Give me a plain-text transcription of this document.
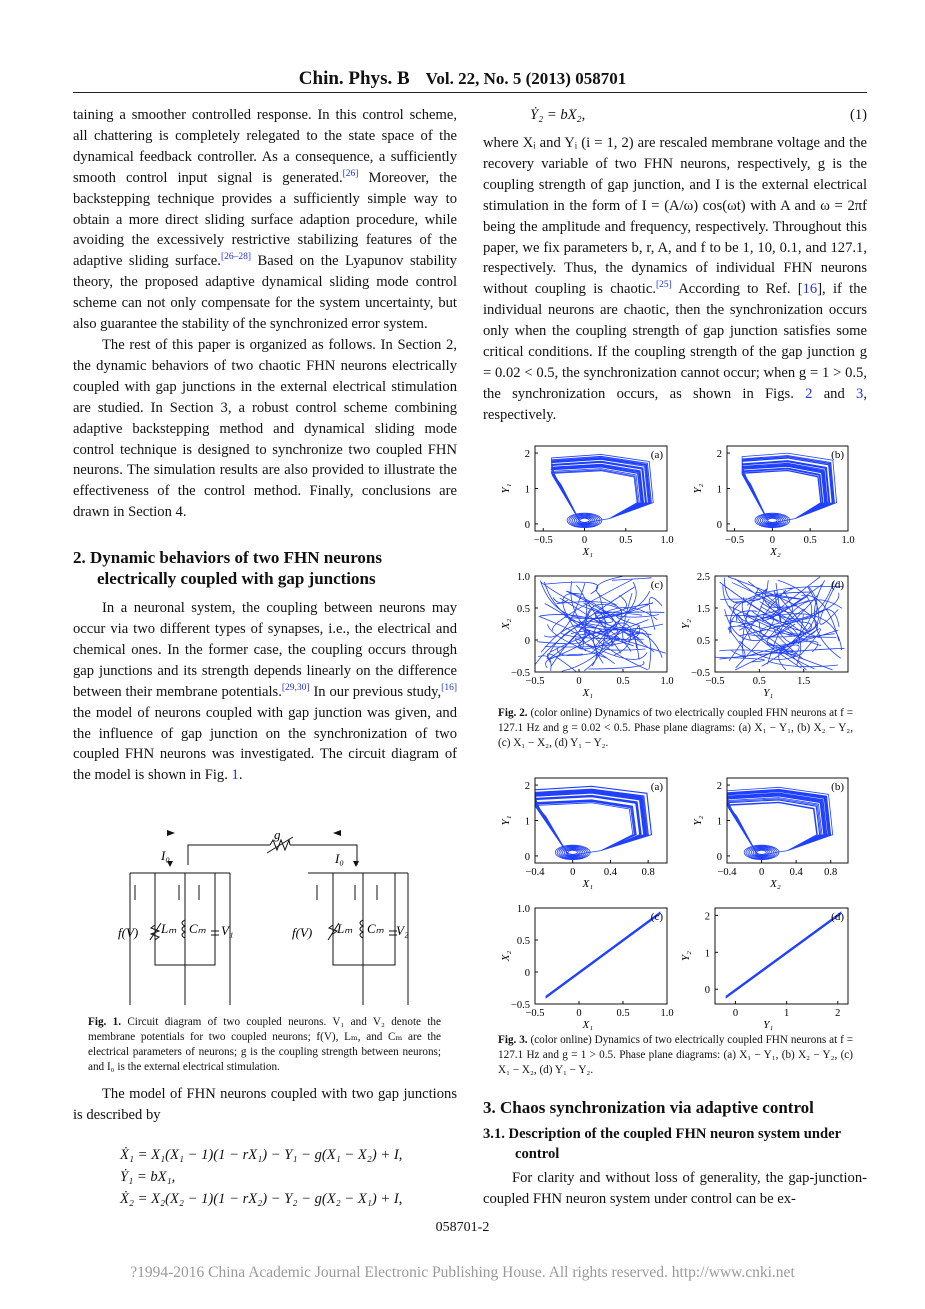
Chin. Phys. B Vol. 22, No. 5 (2013) 058701

taining a smoother controlled response. In this control scheme, all chattering is completely relegated to the state space of the dynamical feedback controller. As a consequence, a sufficiently smooth control input signal is generated.[26] Moreover, the backstepping technique provides a sufficiently simple way to obtain a more direct sliding surface adaption procedure, while avoiding the excessively restrictive stabilizing features of the adaptive sliding surface.[26–28] Based on the Lyapunov stability theory, the proposed adaptive dynamical sliding mode control scheme can not only compensate for the system uncertainty, but also guarantee the stability of the synchronized error system.

The rest of this paper is organized as follows. In Section 2, the dynamic behaviors of two chaotic FHN neurons electrically coupled with gap junctions in the external electrical stimulation are studied. In Section 3, a robust control scheme combining adaptive backstepping method and dynamical sliding mode control technique is designed to synchronize two coupled FHN neurons. The simulation results are also provided to illustrate the effectiveness of the control method. Finally, conclusions are drawn in Section 4.

2. Dynamic behaviors of two FHN neurons electrically coupled with gap junctions

In a neuronal system, the coupling between neurons may occur via two different types of synapses, i.e., the electrical and chemical ones. In the former case, the coupling occurs through gap junctions and its strength depends linearly on the difference between their membrane potentials.[29,30] In our previous study,[16] the model of neurons coupled with gap junction was given, and the influence of gap junction on the synchronization of two coupled FHN neurons was investigated. The circuit diagram of the model is shown in Fig. 1.

g
I₀	I₀
f(V) Lₘ Cₘ V₁	f(V) Lₘ Cₘ V₂
Fig. 1. Circuit diagram of two coupled neurons. V₁ and V₂ denote the membrane potentials for two coupled neurons; f(V), Lₘ, and Cₘ are the electrical parameters of neurons; g is the coupling strength between neurons; and I₀ is the external electrical stimulation.

The model of FHN neurons coupled with two gap junctions is described by

Ẋ₁ = X₁(X₁ − 1)(1 − rX₁) − Y₁ − g(X₁ − X₂) + I,
Ẏ₁ = bX₁,
Ẋ₂ = X₂(X₂ − 1)(1 − rX₂) − Y₂ − g(X₂ − X₁) + I,
Ẏ₂ = bX₂,	(1)

where Xᵢ and Yᵢ (i = 1, 2) are rescaled membrane voltage and the recovery variable of two FHN neurons, respectively, g is the coupling strength of gap junction, and I is the external electrical stimulation in the form of I = (A/ω) cos(ωt) with A and ω = 2πf being the amplitude and frequency, respectively. Throughout this paper, we fix parameters b, r, A, and f to be 1, 10, 0.1, and 127.1, respectively. Thus, the dynamics of individual FHN neurons without coupling is chaotic.[25] According to Ref. [16], if the individual neurons are chaotic, then the synchronization occurs only when the coupling strength of gap junction satisfies some critical conditions. If the coupling strength of the gap junction g = 0.02 < 0.5, the synchronization cannot occur; when g = 1 > 0.5, the synchronization occurs, as shown in Figs. 2 and 3, respectively.

(a)
−0.5	0	0.5	1.0
2
1
0
X₁
Y₁
(b)
−0.5 0	0.5 1.0
2
1
0
X₂
Y₂
(c)
−0.5	0	0.5	1.0
1.0
0.5
0
−0.5
X₁
X₂
(d)
−0.5	0.5	1.5
2.5
1.5
0.5
−0.5
Y₁
Y₂
Fig. 2. (color online) Dynamics of two electrically coupled FHN neurons at f = 127.1 Hz and g = 0.02 < 0.5. Phase plane diagrams: (a) X₁ − Y₁, (b) X₂ − Y₂, (c) X₁ − X₂, (d) Y₁ − Y₂.
(a)
−0.4 0	0.4 0.8
2
1
0
X₁
Y₁
(b)
−0.4 0 0.4 0.8
2
1
0
X₂
Y₂
(c)
−0.5	0	0.5	1.0
1.0
0.5
0
−0.5
X₁
X₂
(d)
0	1	2
2
1
0
Y₁
Y₂
Fig. 3. (color online) Dynamics of two electrically coupled FHN neurons at f = 127.1 Hz and g = 1 > 0.5. Phase plane diagrams: (a) X₁ − Y₁, (b) X₂ − Y₂, (c) X₁ − X₂, (d) Y₁ − Y₂.
3. Chaos synchronization via adaptive control
3.1. Description of the coupled FHN neuron system under control

For clarity and without loss of generality, the gap-junction-coupled FHN neuron system under control can be ex-

058701-2
?1994-2016 China Academic Journal Electronic Publishing House. All rights reserved. http://www.cnki.net
